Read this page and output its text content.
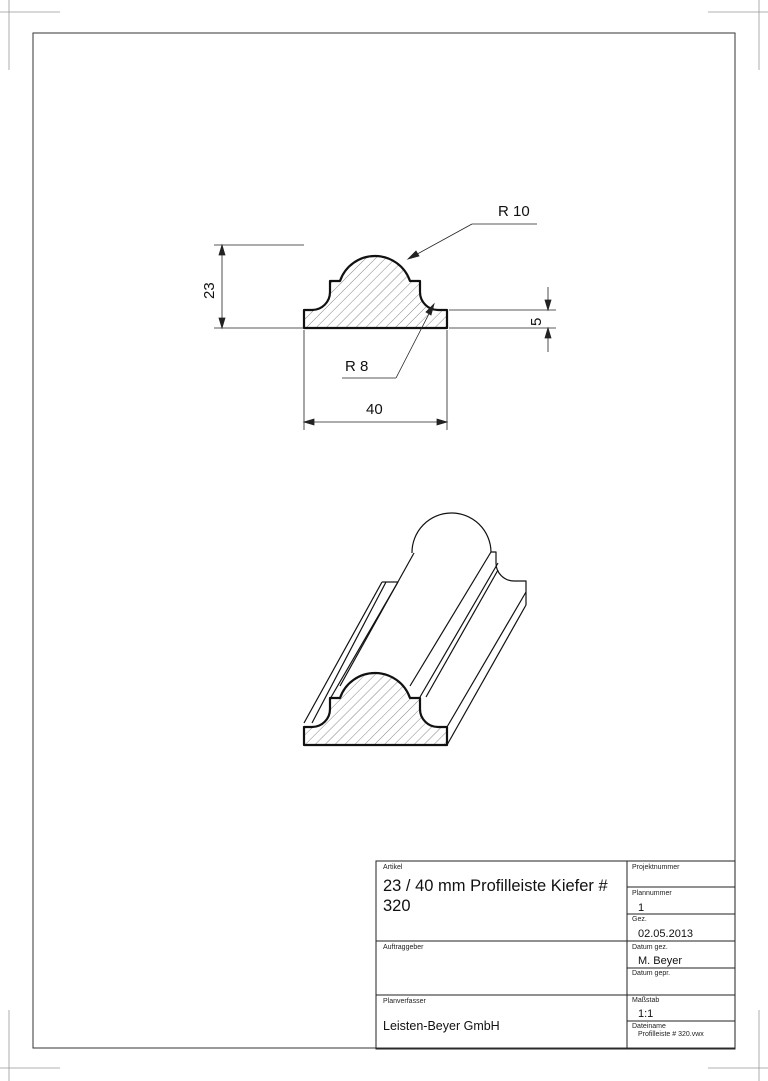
R 10
R 8
40
23
5
Artikel
23 / 40 mm Profilleiste Kiefer # 320
Projektnummer
Plannummer
1
Gez.
02.05.2013
Auftraggeber	Datum gez.
M. Beyer
Datum gepr.
Planverfasser
Leisten-Beyer GmbH
Maßstab
1:1
Dateiname
Profilleiste # 320.vwx
